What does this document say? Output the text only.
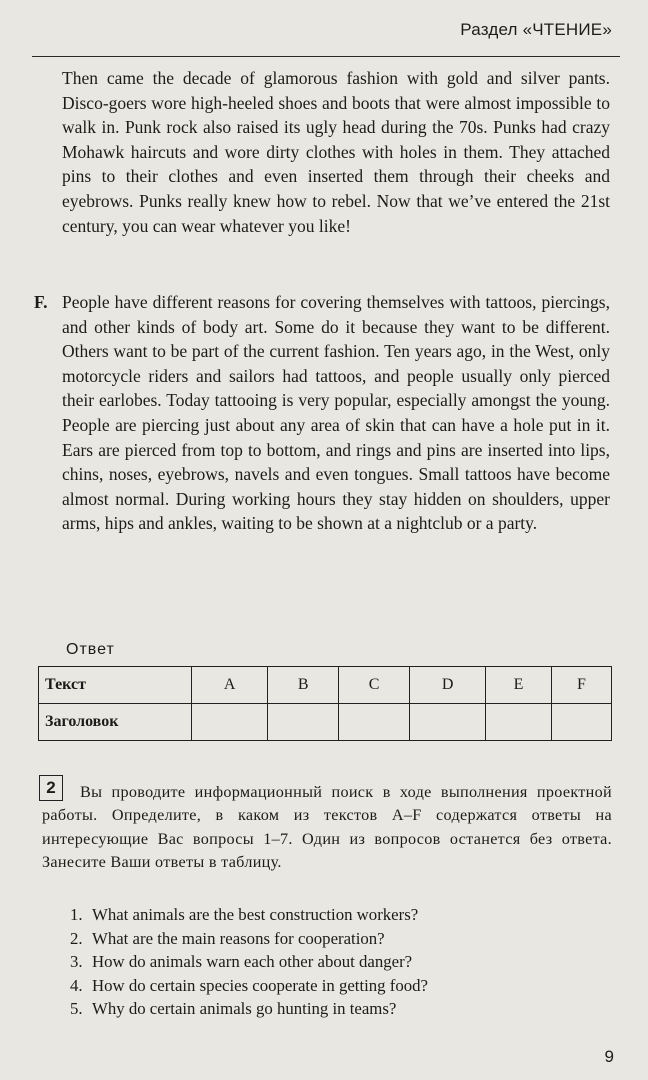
Раздел «ЧТЕНИЕ»
Then came the decade of glamorous fashion with gold and silver pants. Disco-goers wore high-heeled shoes and boots that were almost impossible to walk in. Punk rock also raised its ugly head during the 70s. Punks had crazy Mohawk haircuts and wore dirty clothes with holes in them. They attached pins to their clothes and even inserted them through their cheeks and eyebrows. Punks really knew how to rebel. Now that we’ve entered the 21st century, you can wear whatever you like!
F. People have different reasons for covering themselves with tattoos, piercings, and other kinds of body art. Some do it because they want to be different. Others want to be part of the current fashion. Ten years ago, in the West, only motorcycle riders and sailors had tattoos, and people usually only pierced their earlobes. Today tattooing is very popular, especially amongst the young. People are piercing just about any area of skin that can have a hole put in it. Ears are pierced from top to bottom, and rings and pins are inserted into lips, chins, noses, eyebrows, navels and even tongues. Small tattoos have become almost normal. During working hours they stay hidden on shoulders, upper arms, hips and ankles, waiting to be shown at a nightclub or a party.
Ответ
Текст	A	B	C	D	E	F
Заголовок						
2	Вы проводите информационный поиск в ходе выполнения проектной работы. Определите, в каком из текстов A–F содержатся ответы на интересующие Вас вопросы 1–7. Один из вопросов останется без ответа. Занесите Ваши ответы в таблицу.
1. What animals are the best construction workers?
2. What are the main reasons for cooperation?
3. How do animals warn each other about danger?
4. How do certain species cooperate in getting food?
5. Why do certain animals go hunting in teams?
9
